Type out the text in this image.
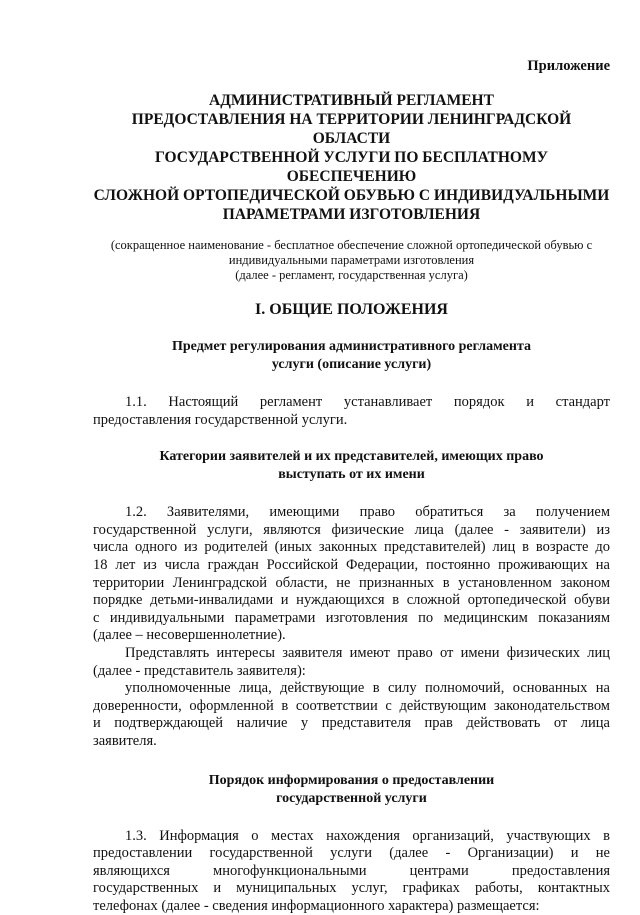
Приложение
АДМИНИСТРАТИВНЫЙ РЕГЛАМЕНТ
ПРЕДОСТАВЛЕНИЯ НА ТЕРРИТОРИИ ЛЕНИНГРАДСКОЙ ОБЛАСТИ
ГОСУДАРСТВЕННОЙ УСЛУГИ ПО БЕСПЛАТНОМУ ОБЕСПЕЧЕНИЮ
СЛОЖНОЙ ОРТОПЕДИЧЕСКОЙ ОБУВЬЮ С ИНДИВИДУАЛЬНЫМИ
ПАРАМЕТРАМИ ИЗГОТОВЛЕНИЯ
(сокращенное наименование - бесплатное обеспечение сложной ортопедической обувью с
индивидуальными параметрами изготовления
(далее - регламент, государственная услуга)
I. ОБЩИЕ ПОЛОЖЕНИЯ
Предмет регулирования административного регламента
услуги (описание услуги)
1.1. Настоящий регламент устанавливает порядок и стандарт
предоставления государственной услуги.
Категории заявителей и их представителей, имеющих право
выступать от их имени
1.2. Заявителями, имеющими право обратиться за получением
государственной услуги, являются физические лица (далее - заявители) из
числа одного из родителей (иных законных представителей) лиц в возрасте до
18 лет из числа граждан Российской Федерации, постоянно проживающих на
территории Ленинградской области, не признанных в установленном законом
порядке детьми-инвалидами и нуждающихся в сложной ортопедической обуви
с индивидуальными параметрами изготовления по медицинским показаниям
(далее – несовершеннолетние).
Представлять интересы заявителя имеют право от имени физических лиц
(далее - представитель заявителя):
уполномоченные лица, действующие в силу полномочий, основанных на
доверенности, оформленной в соответствии с действующим законодательством
и подтверждающей наличие у представителя прав действовать от лица
заявителя.
Порядок информирования о предоставлении
государственной услуги
1.3. Информация о местах нахождения организаций, участвующих в
предоставлении государственной услуги (далее - Организации) и не
являющихся многофункциональными центрами предоставления
государственных и муниципальных услуг, графиках работы, контактных
телефонах (далее - сведения информационного характера) размещается:
